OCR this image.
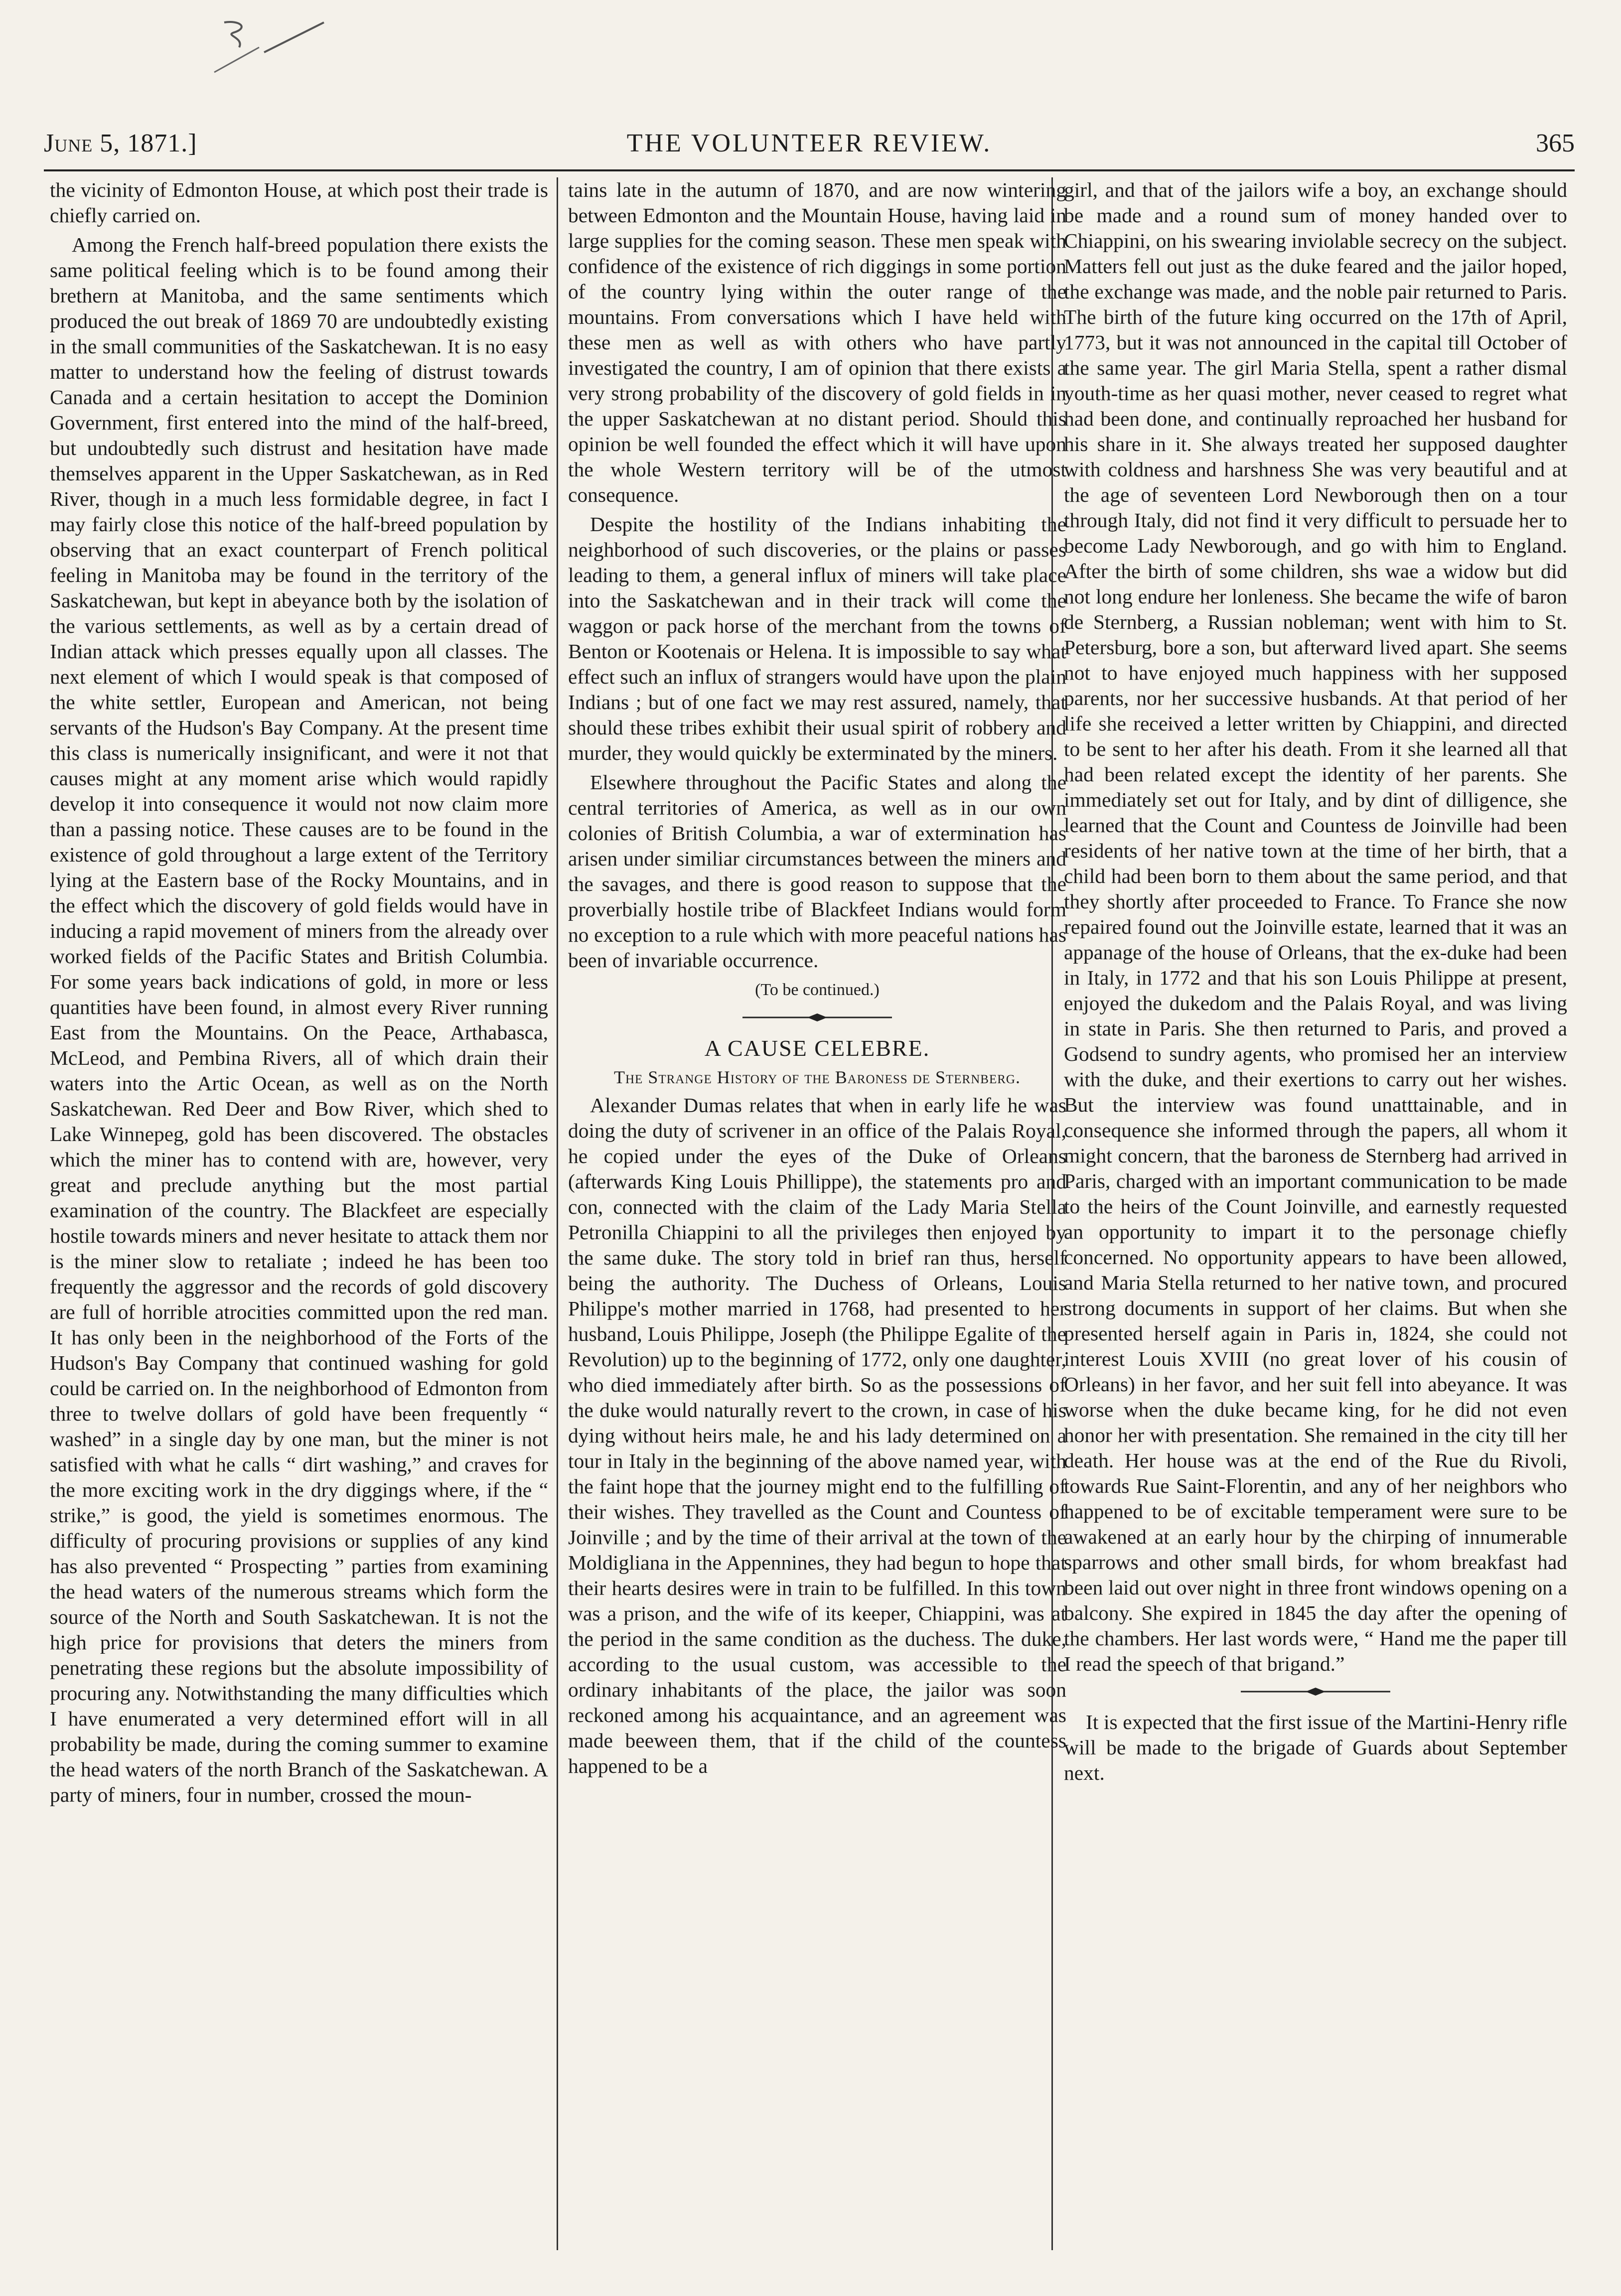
June 5, 1871.]	THE VOLUNTEER REVIEW.	365

the vicinity of Edmonton House, at which post their trade is chiefly carried on.

Among the French half-breed population there exists the same political feeling which is to be found among their brethern at Manitoba, and the same sentiments which produced the out break of 1869 70 are undoubtedly existing in the small communities of the Saskatchewan. It is no easy matter to understand how the feeling of distrust towards Canada and a certain hesitation to accept the Dominion Government, first entered into the mind of the half-breed, but undoubtedly such distrust and hesitation have made themselves apparent in the Upper Saskatchewan, as in Red River, though in a much less formidable degree, in fact I may fairly close this notice of the half-breed population by observing that an exact counterpart of French political feeling in Manitoba may be found in the territory of the Saskatchewan, but kept in abeyance both by the isolation of the various settlements, as well as by a certain dread of Indian attack which presses equally upon all classes. The next element of which I would speak is that composed of the white settler, European and American, not being servants of the Hudson's Bay Company. At the present time this class is numerically insignificant, and were it not that causes might at any moment arise which would rapidly develop it into consequence it would not now claim more than a passing notice. These causes are to be found in the existence of gold throughout a large extent of the Territory lying at the Eastern base of the Rocky Mountains, and in the effect which the discovery of gold fields would have in inducing a rapid movement of miners from the already over worked fields of the Pacific States and British Columbia. For some years back indications of gold, in more or less quantities have been found, in almost every River running East from the Mountains. On the Peace, Arthabasca, McLeod, and Pembina Rivers, all of which drain their waters into the Artic Ocean, as well as on the North Saskatchewan. Red Deer and Bow River, which shed to Lake Winnepeg, gold has been discovered. The obstacles which the miner has to contend with are, however, very great and preclude anything but the most partial examination of the country. The Blackfeet are especially hostile towards miners and never hesitate to attack them nor is the miner slow to retaliate ; indeed he has been too frequently the aggressor and the records of gold discovery are full of horrible atrocities committed upon the red man. It has only been in the neighborhood of the Forts of the Hudson's Bay Company that continued washing for gold could be carried on. In the neighborhood of Edmonton from three to twelve dollars of gold have been frequently “ washed” in a single day by one man, but the miner is not satisfied with what he calls “ dirt washing,” and craves for the more exciting work in the dry diggings where, if the “ strike,” is good, the yield is sometimes enormous. The difficulty of procuring provisions or supplies of any kind has also prevented “ Prospecting ” parties from examining the head waters of the numerous streams which form the source of the North and South Saskatchewan. It is not the high price for provisions that deters the miners from penetrating these regions but the absolute impossibility of procuring any. Notwithstanding the many difficulties which I have enumerated a very determined effort will in all probability be made, during the coming summer to examine the head waters of the north Branch of the Saskatchewan. A party of miners, four in number, crossed the moun-

tains late in the autumn of 1870, and are now wintering between Edmonton and the Mountain House, having laid in large supplies for the coming season. These men speak with confidence of the existence of rich diggings in some portion of the country lying within the outer range of the mountains. From conversations which I have held with these men as well as with others who have partly investigated the country, I am of opinion that there exists a very strong probability of the discovery of gold fields in in the upper Saskatchewan at no distant period. Should this opinion be well founded the effect which it will have upon the whole Western territory will be of the utmost consequence.

Despite the hostility of the Indians inhabiting the neighborhood of such discoveries, or the plains or passes leading to them, a general influx of miners will take place into the Saskatchewan and in their track will come the waggon or pack horse of the merchant from the towns of Benton or Kootenais or Helena. It is impossible to say what effect such an influx of strangers would have upon the plain Indians ; but of one fact we may rest assured, namely, that should these tribes exhibit their usual spirit of robbery and murder, they would quickly be exterminated by the miners.

Elsewhere throughout the Pacific States and along the central territories of America, as well as in our own colonies of British Columbia, a war of extermination has arisen under similiar circumstances between the miners and the savages, and there is good reason to suppose that the proverbially hostile tribe of Blackfeet Indians would form no exception to a rule which with more peaceful nations has been of invariable occurrence.

(To be continued.)

A CAUSE CELEBRE.

The Strange History of the Baroness de Sternberg.

Alexander Dumas relates that when in early life he was doing the duty of scrivener in an office of the Palais Royal, he copied under the eyes of the Duke of Orleans (afterwards King Louis Phillippe), the statements pro and con, connected with the claim of the Lady Maria Stella Petronilla Chiappini to all the privileges then enjoyed by the same duke. The story told in brief ran thus, herself being the authority. The Duchess of Orleans, Louis Philippe's mother married in 1768, had presented to her husband, Louis Philippe, Joseph (the Philippe Egalite of the Revolution) up to the beginning of 1772, only one daughter, who died immediately after birth. So as the possessions of the duke would naturally revert to the crown, in case of his dying without heirs male, he and his lady determined on a tour in Italy in the beginning of the above named year, with the faint hope that the journey might end to the fulfilling of their wishes. They travelled as the Count and Countess of Joinville ; and by the time of their arrival at the town of the Moldigliana in the Appennines, they had begun to hope that their hearts desires were in train to be fulfilled. In this town was a prison, and the wife of its keeper, Chiappini, was at the period in the same condition as the duchess. The duke, according to the usual custom, was accessible to the ordinary inhabitants of the place, the jailor was soon reckoned among his acquaintance, and an agreement was made beeween them, that if the child of the countess happened to be a

girl, and that of the jailors wife a boy, an exchange should be made and a round sum of money handed over to Chiappini, on his swearing inviolable secrecy on the subject. Matters fell out just as the duke feared and the jailor hoped, the exchange was made, and the noble pair returned to Paris. The birth of the future king occurred on the 17th of April, 1773, but it was not announced in the capital till October of the same year. The girl Maria Stella, spent a rather dismal youth-time as her quasi mother, never ceased to regret what had been done, and continually reproached her husband for his share in it. She always treated her supposed daughter with coldness and harshness She was very beautiful and at the age of seventeen Lord Newborough then on a tour through Italy, did not find it very difficult to persuade her to become Lady Newborough, and go with him to England. After the birth of some children, shs wae a widow but did not long endure her lonleness. She became the wife of baron de Sternberg, a Russian nobleman; went with him to St. Petersburg, bore a son, but afterward lived apart. She seems not to have enjoyed much happiness with her supposed parents, nor her successive husbands. At that period of her life she received a letter written by Chiappini, and directed to be sent to her after his death. From it she learned all that had been related except the identity of her parents. She immediately set out for Italy, and by dint of dilligence, she learned that the Count and Countess de Joinville had been residents of her native town at the time of her birth, that a child had been born to them about the same period, and that they shortly after proceeded to France. To France she now repaired found out the Joinville estate, learned that it was an appanage of the house of Orleans, that the ex-duke had been in Italy, in 1772 and that his son Louis Philippe at present, enjoyed the dukedom and the Palais Royal, and was living in state in Paris. She then returned to Paris, and proved a Godsend to sundry agents, who promised her an interview with the duke, and their exertions to carry out her wishes. But the interview was found unatttainable, and in consequence she informed through the papers, all whom it might concern, that the baroness de Sternberg had arrived in Paris, charged with an important communication to be made to the heirs of the Count Joinville, and earnestly requested an opportunity to impart it to the personage chiefly concerned. No opportunity appears to have been allowed, and Maria Stella returned to her native town, and procured strong documents in support of her claims. But when she presented herself again in Paris in, 1824, she could not interest Louis XVIII (no great lover of his cousin of Orleans) in her favor, and her suit fell into abeyance. It was worse when the duke became king, for he did not even honor her with presentation. She remained in the city till her death. Her house was at the end of the Rue du Rivoli, towards Rue Saint-Florentin, and any of her neighbors who happened to be of excitable temperament were sure to be awakened at an early hour by the chirping of innumerable sparrows and other small birds, for whom breakfast had been laid out over night in three front windows opening on a balcony. She expired in 1845 the day after the opening of the chambers. Her last words were, “ Hand me the paper till I read the speech of that brigand.”

It is expected that the first issue of the Martini-Henry rifle will be made to the brigade of Guards about September next.
